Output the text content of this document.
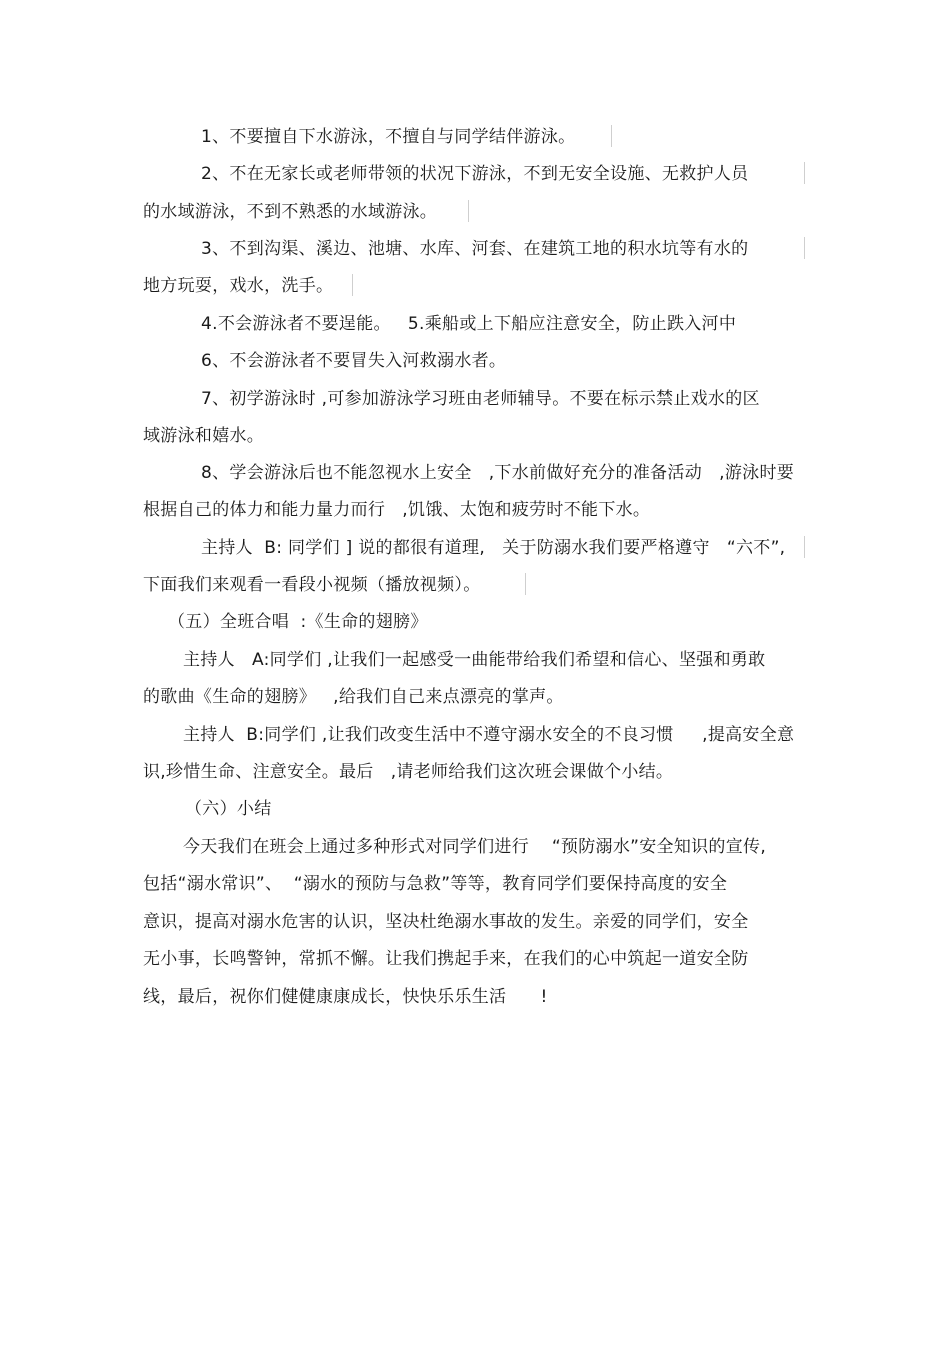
1、不要擅自下水游泳，不擅自与同学结伴游泳。
2、不在无家长或老师带领的状况下游泳，不到无安全设施、无救护人员
的水域游泳，不到不熟悉的水域游泳。
3、不到沟渠、溪边、池塘、水库、河套、在建筑工地的积水坑等有水的
地方玩耍，戏水，洗手。
4.不会游泳者不要逞能。   5.乘船或上下船应注意安全，防止跌入河中
6、不会游泳者不要冒失入河救溺水者。
7、初学游泳时 ,可参加游泳学习班由老师辅导。不要在标示禁止戏水的区
域游泳和嬉水。
8、学会游泳后也不能忽视水上安全   ,下水前做好充分的准备活动   ,游泳时要
根据自己的体力和能力量力而行   ,饥饿、太饱和疲劳时不能下水。
主持人  B: 同学们 ] 说的都很有道理,   关于防溺水我们要严格遵守   “六不”,
下面我们来观看一看段小视频（播放视频）。
（五）全班合唱  :《生命的翅膀》
主持人   A:同学们 ,让我们一起感受一曲能带给我们希望和信心、坚强和勇敢
的歌曲《生命的翅膀》   ,给我们自己来点漂亮的掌声。
主持人  B:同学们 ,让我们改变生活中不遵守溺水安全的不良习惯     ,提高安全意
识,珍惜生命、注意安全。最后   ,请老师给我们这次班会课做个小结。
（六）小结
今天我们在班会上通过多种形式对同学们进行    “预防溺水”安全知识的宣传,
包括“溺水常识”、  “溺水的预防与急救”等等，教育同学们要保持高度的安全
意识，提高对溺水危害的认识，坚决杜绝溺水事故的发生。亲爱的同学们，安全
无小事，长鸣警钟，常抓不懈。让我们携起手来，在我们的心中筑起一道安全防
线，最后，祝你们健健康康成长，快快乐乐生活      !
